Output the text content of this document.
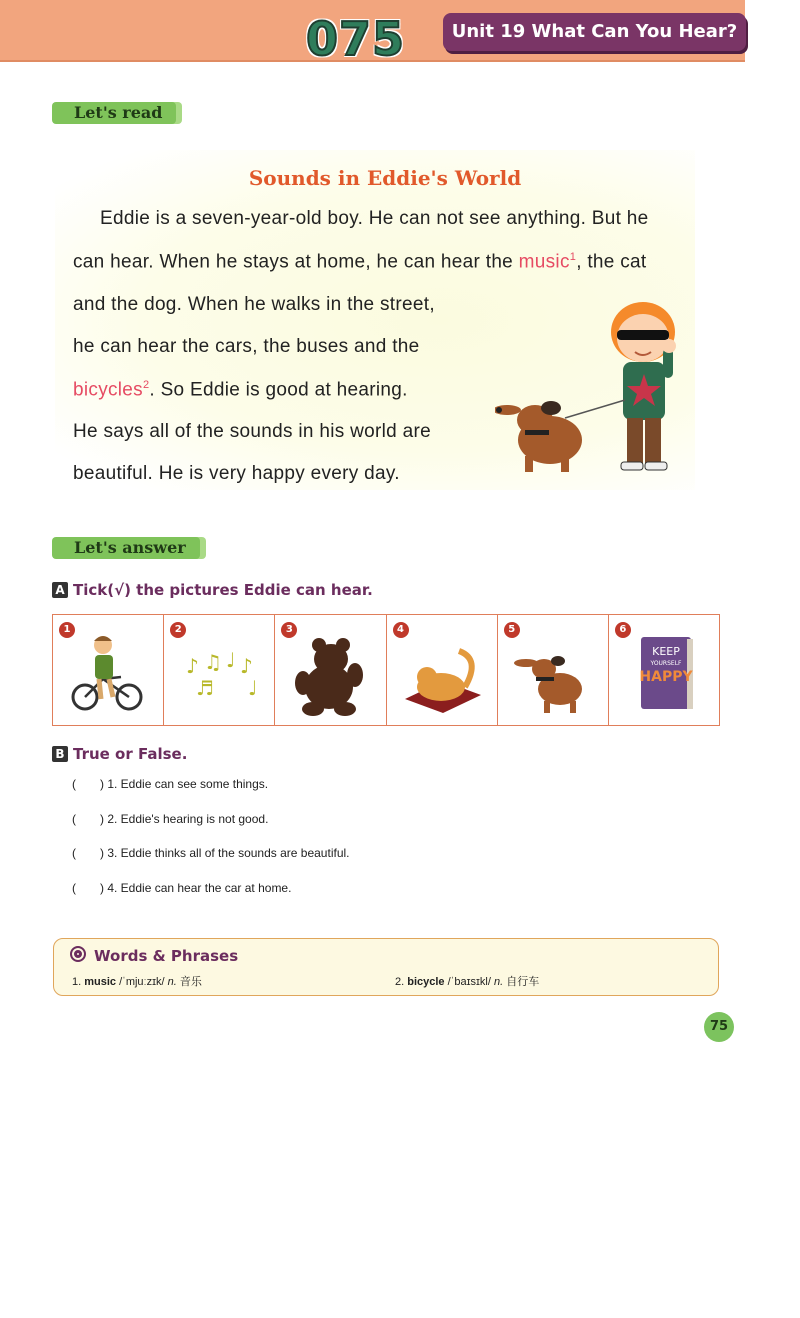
075	Unit 19 What Can You Hear?
Let's read
Sounds in Eddie's World
Eddie is a seven-year-old boy. He can not see anything. But he
can hear. When he stays at home, he can hear the music$^1$, the cat
and the dog. When he walks in the street,
he can hear the cars, the buses and the
bicycles$^2$. So Eddie is good at hearing.
He says all of the sounds in his world are
beautiful. He is very happy every day.
Let's answer
A Tick(√) the pictures Eddie can hear.
1	2
♪ ♫ ♩ ♪
♬ ♩
3	4	5	6
KEEP
YOURSELF
HAPPY
B True or False.
( ) 1. Eddie can see some things.
( ) 2. Eddie's hearing is not good.
( ) 3. Eddie thinks all of the sounds are beautiful.
( ) 4. Eddie can hear the car at home.
Words & Phrases
1. music /ˈmjuːzɪk/ n. 音乐	2. bicycle /ˈbaɪsɪkl/ n. 自行车
75
